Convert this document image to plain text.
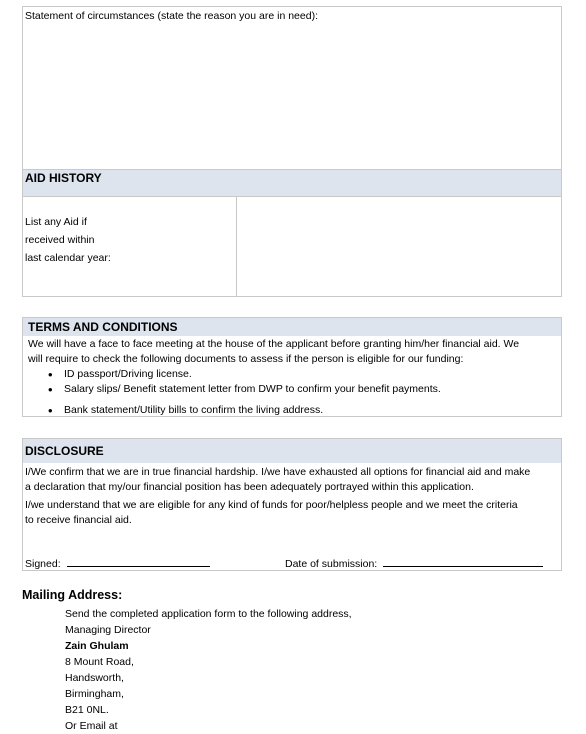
Statement of circumstances (state the reason you are in need):
AID HISTORY
List any Aid if
received within
last calendar year:
TERMS AND CONDITIONS
We will have a face to face meeting at the house of the applicant before granting him/her financial aid. We
will require to check the following documents to assess if the person is eligible for our funding:
• ID passport/Driving license.
• Salary slips/ Benefit statement letter from DWP to confirm your benefit payments.
• Bank statement/Utility bills to confirm the living address.
DISCLOSURE
I/We confirm that we are in true financial hardship. I/we have exhausted all options for financial aid and make
a declaration that my/our financial position has been adequately portrayed within this application.
I/we understand that we are eligible for any kind of funds for poor/helpless people and we meet the criteria
to receive financial aid.
Signed:	Date of submission:
Mailing Address:
Send the completed application form to the following address,
Managing Director
Zain Ghulam
8 Mount Road,
Handsworth,
Birmingham,
B21 0NL.
Or Email at
